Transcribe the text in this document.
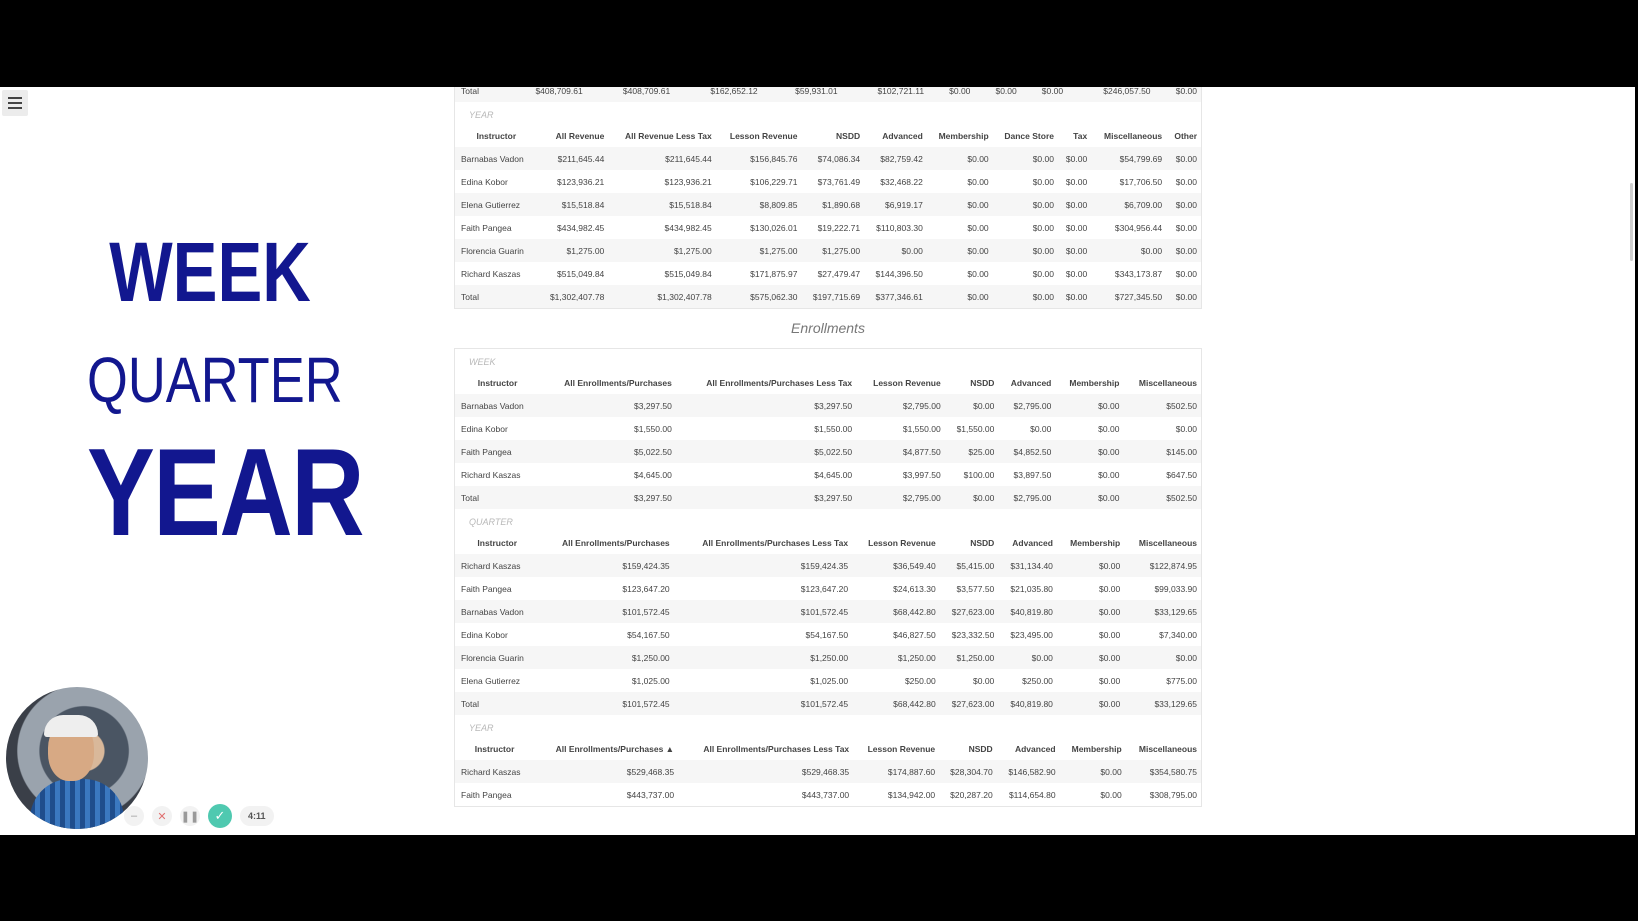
WEEK
QUARTER
YEAR
Total	$408,709.61	$408,709.61	$162,652.12	$59,931.01	$102,721.11	$0.00	$0.00	$0.00	$246,057.50	$0.00
YEAR
Instructor	All Revenue	All Revenue Less Tax	Lesson Revenue	NSDD	Advanced	Membership	Dance Store	Tax	Miscellaneous	Other
Barnabas Vadon	$211,645.44	$211,645.44	$156,845.76	$74,086.34	$82,759.42	$0.00	$0.00	$0.00	$54,799.69	$0.00
Edina Kobor	$123,936.21	$123,936.21	$106,229.71	$73,761.49	$32,468.22	$0.00	$0.00	$0.00	$17,706.50	$0.00
Elena Gutierrez	$15,518.84	$15,518.84	$8,809.85	$1,890.68	$6,919.17	$0.00	$0.00	$0.00	$6,709.00	$0.00
Faith Pangea	$434,982.45	$434,982.45	$130,026.01	$19,222.71	$110,803.30	$0.00	$0.00	$0.00	$304,956.44	$0.00
Florencia Guarin	$1,275.00	$1,275.00	$1,275.00	$1,275.00	$0.00	$0.00	$0.00	$0.00	$0.00	$0.00
Richard Kaszas	$515,049.84	$515,049.84	$171,875.97	$27,479.47	$144,396.50	$0.00	$0.00	$0.00	$343,173.87	$0.00
Total	$1,302,407.78	$1,302,407.78	$575,062.30	$197,715.69	$377,346.61	$0.00	$0.00	$0.00	$727,345.50	$0.00
Enrollments
WEEK
Instructor	All Enrollments/Purchases	All Enrollments/Purchases Less Tax	Lesson Revenue	NSDD	Advanced	Membership	Miscellaneous
Barnabas Vadon	$3,297.50	$3,297.50	$2,795.00	$0.00	$2,795.00	$0.00	$502.50
Edina Kobor	$1,550.00	$1,550.00	$1,550.00	$1,550.00	$0.00	$0.00	$0.00
Faith Pangea	$5,022.50	$5,022.50	$4,877.50	$25.00	$4,852.50	$0.00	$145.00
Richard Kaszas	$4,645.00	$4,645.00	$3,997.50	$100.00	$3,897.50	$0.00	$647.50
Total	$3,297.50	$3,297.50	$2,795.00	$0.00	$2,795.00	$0.00	$502.50
QUARTER
Instructor	All Enrollments/Purchases	All Enrollments/Purchases Less Tax	Lesson Revenue	NSDD	Advanced	Membership	Miscellaneous
Richard Kaszas	$159,424.35	$159,424.35	$36,549.40	$5,415.00	$31,134.40	$0.00	$122,874.95
Faith Pangea	$123,647.20	$123,647.20	$24,613.30	$3,577.50	$21,035.80	$0.00	$99,033.90
Barnabas Vadon	$101,572.45	$101,572.45	$68,442.80	$27,623.00	$40,819.80	$0.00	$33,129.65
Edina Kobor	$54,167.50	$54,167.50	$46,827.50	$23,332.50	$23,495.00	$0.00	$7,340.00
Florencia Guarin	$1,250.00	$1,250.00	$1,250.00	$1,250.00	$0.00	$0.00	$0.00
Elena Gutierrez	$1,025.00	$1,025.00	$250.00	$0.00	$250.00	$0.00	$775.00
Total	$101,572.45	$101,572.45	$68,442.80	$27,623.00	$40,819.80	$0.00	$33,129.65
YEAR
Instructor	All Enrollments/Purchases ▲	All Enrollments/Purchases Less Tax	Lesson Revenue	NSDD	Advanced	Membership	Miscellaneous
Richard Kaszas	$529,468.35	$529,468.35	$174,887.60	$28,304.70	$146,582.90	$0.00	$354,580.75
Faith Pangea	$443,737.00	$443,737.00	$134,942.00	$20,287.20	$114,654.80	$0.00	$308,795.00
–	✕	❚❚	✓	4:11
